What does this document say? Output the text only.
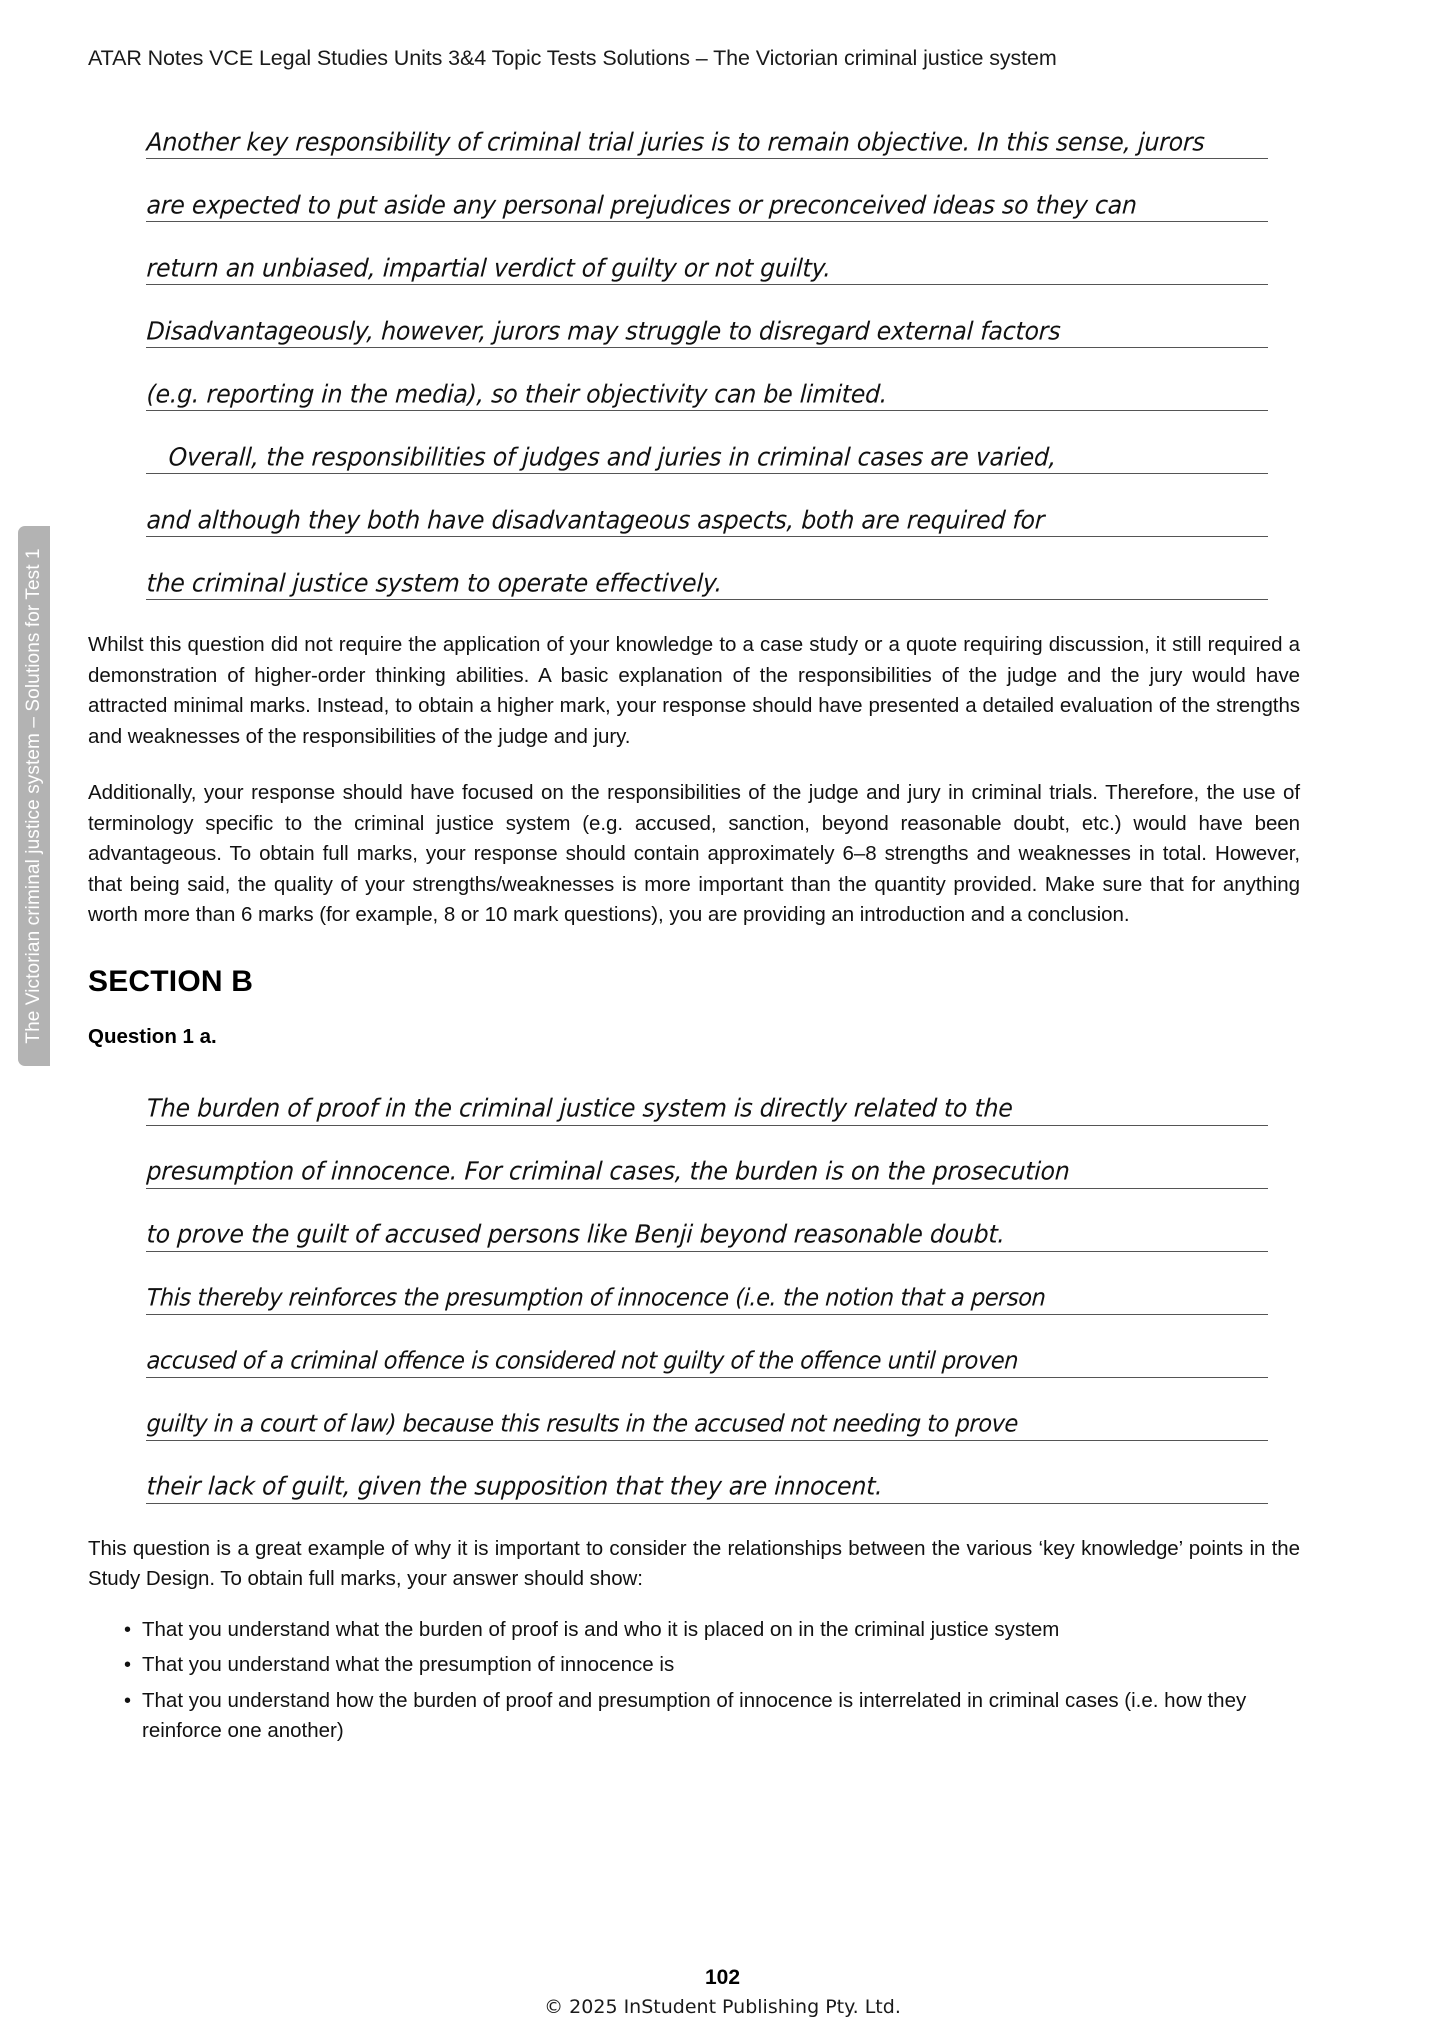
ATAR Notes VCE Legal Studies Units 3&4 Topic Tests Solutions – The Victorian criminal justice system
The Victorian criminal justice system – Solutions for Test 1
Another key responsibility of criminal trial juries is to remain objective. In this sense, jurors
are expected to put aside any personal prejudices or preconceived ideas so they can
return an unbiased, impartial verdict of guilty or not guilty.
Disadvantageously, however, jurors may struggle to disregard external factors
(e.g. reporting in the media), so their objectivity can be limited.
Overall, the responsibilities of judges and juries in criminal cases are varied,
and although they both have disadvantageous aspects, both are required for
the criminal justice system to operate effectively.

Whilst this question did not require the application of your knowledge to a case study or a quote requiring discussion, it still required a demonstration of higher-order thinking abilities. A basic explanation of the responsibilities of the judge and the jury would have attracted minimal marks. Instead, to obtain a higher mark, your response should have presented a detailed evaluation of the strengths and weaknesses of the responsibilities of the judge and jury.

Additionally, your response should have focused on the responsibilities of the judge and jury in criminal trials. Therefore, the use of terminology specific to the criminal justice system (e.g. accused, sanction, beyond reasonable doubt, etc.) would have been advantageous. To obtain full marks, your response should contain approximately 6–8 strengths and weaknesses in total. However, that being said, the quality of your strengths/weaknesses is more important than the quantity provided. Make sure that for anything worth more than 6 marks (for example, 8 or 10 mark questions), you are providing an introduction and a conclusion.

SECTION B
Question 1 a.
The burden of proof in the criminal justice system is directly related to the
presumption of innocence. For criminal cases, the burden is on the prosecution
to prove the guilt of accused persons like Benji beyond reasonable doubt.
This thereby reinforces the presumption of innocence (i.e. the notion that a person
accused of a criminal offence is considered not guilty of the offence until proven
guilty in a court of law) because this results in the accused not needing to prove
their lack of guilt, given the supposition that they are innocent.

This question is a great example of why it is important to consider the relationships between the various ‘key knowledge’ points in the Study Design. To obtain full marks, your answer should show:

• That you understand what the burden of proof is and who it is placed on in the criminal justice system
• That you understand what the presumption of innocence is
• That you understand how the burden of proof and presumption of innocence is interrelated in criminal cases (i.e. how they reinforce one another)
102
© 2025 InStudent Publishing Pty. Ltd.
